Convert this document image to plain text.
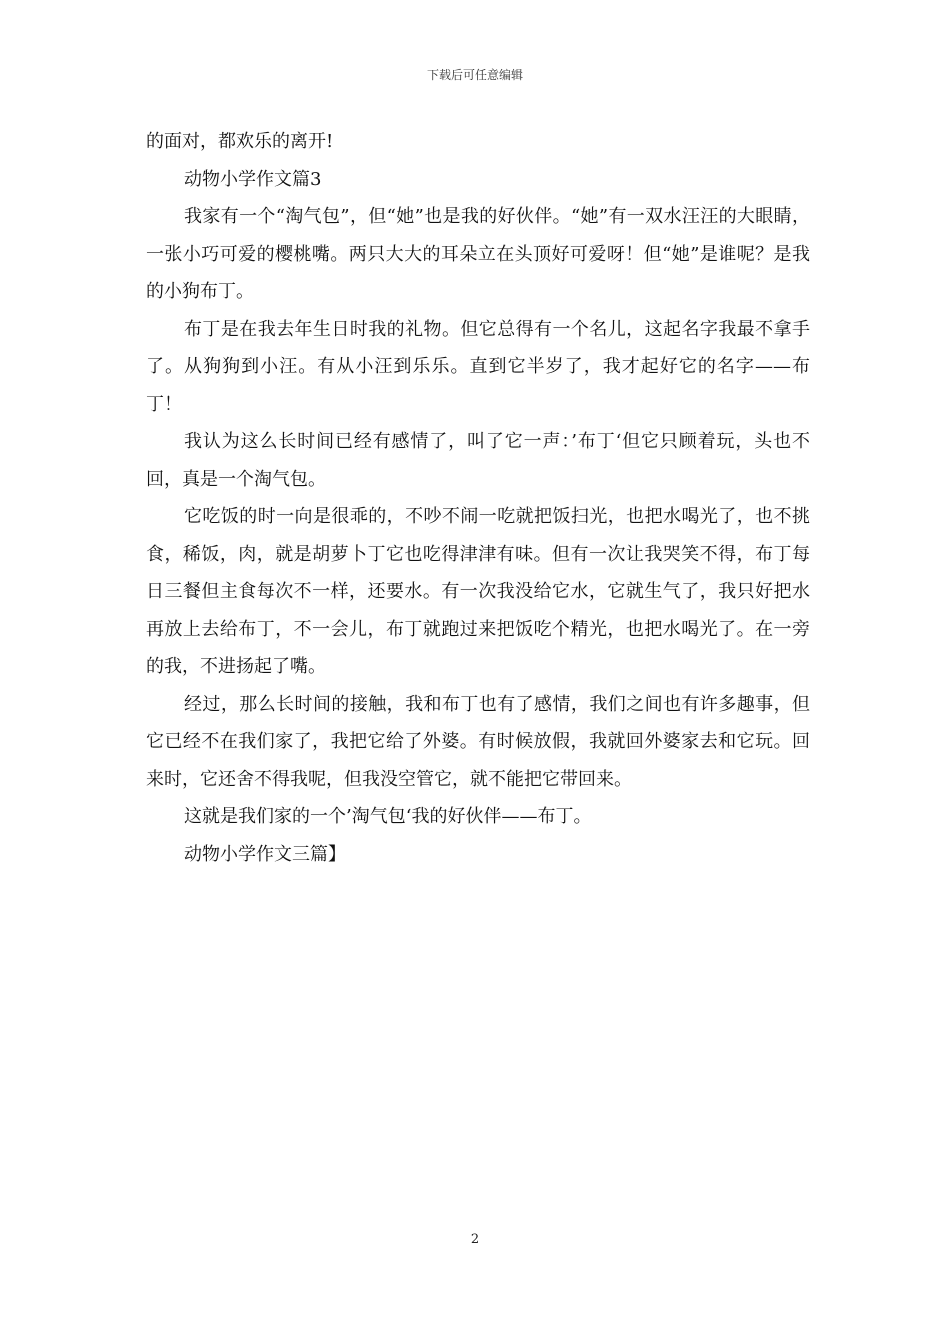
下载后可任意编辑

的面对，都欢乐的离开!

动物小学作文篇3

我家有一个“淘气包”，但“她”也是我的好伙伴。“她”有一双水汪汪的大眼睛，一张小巧可爱的樱桃嘴。两只大大的耳朵立在头顶好可爱呀！但“她”是谁呢？是我的小狗布丁。

布丁是在我去年生日时我的礼物。但它总得有一个名儿，这起名字我最不拿手了。从狗狗到小汪。有从小汪到乐乐。直到它半岁了，我才起好它的名字——布丁！

我认为这么长时间已经有感情了，叫了它一声：’布丁‘但它只顾着玩，头也不回，真是一个淘气包。

它吃饭的时一向是很乖的，不吵不闹一吃就把饭扫光，也把水喝光了，也不挑食，稀饭，肉，就是胡萝卜丁它也吃得津津有味。但有一次让我哭笑不得，布丁每日三餐但主食每次不一样，还要水。有一次我没给它水，它就生气了，我只好把水再放上去给布丁，不一会儿，布丁就跑过来把饭吃个精光，也把水喝光了。在一旁的我，不进扬起了嘴。

经过，那么长时间的接触，我和布丁也有了感情，我们之间也有许多趣事，但它已经不在我们家了，我把它给了外婆。有时候放假，我就回外婆家去和它玩。回来时，它还舍不得我呢，但我没空管它，就不能把它带回来。

这就是我们家的一个’淘气包‘我的好伙伴——布丁。

动物小学作文三篇】

2
